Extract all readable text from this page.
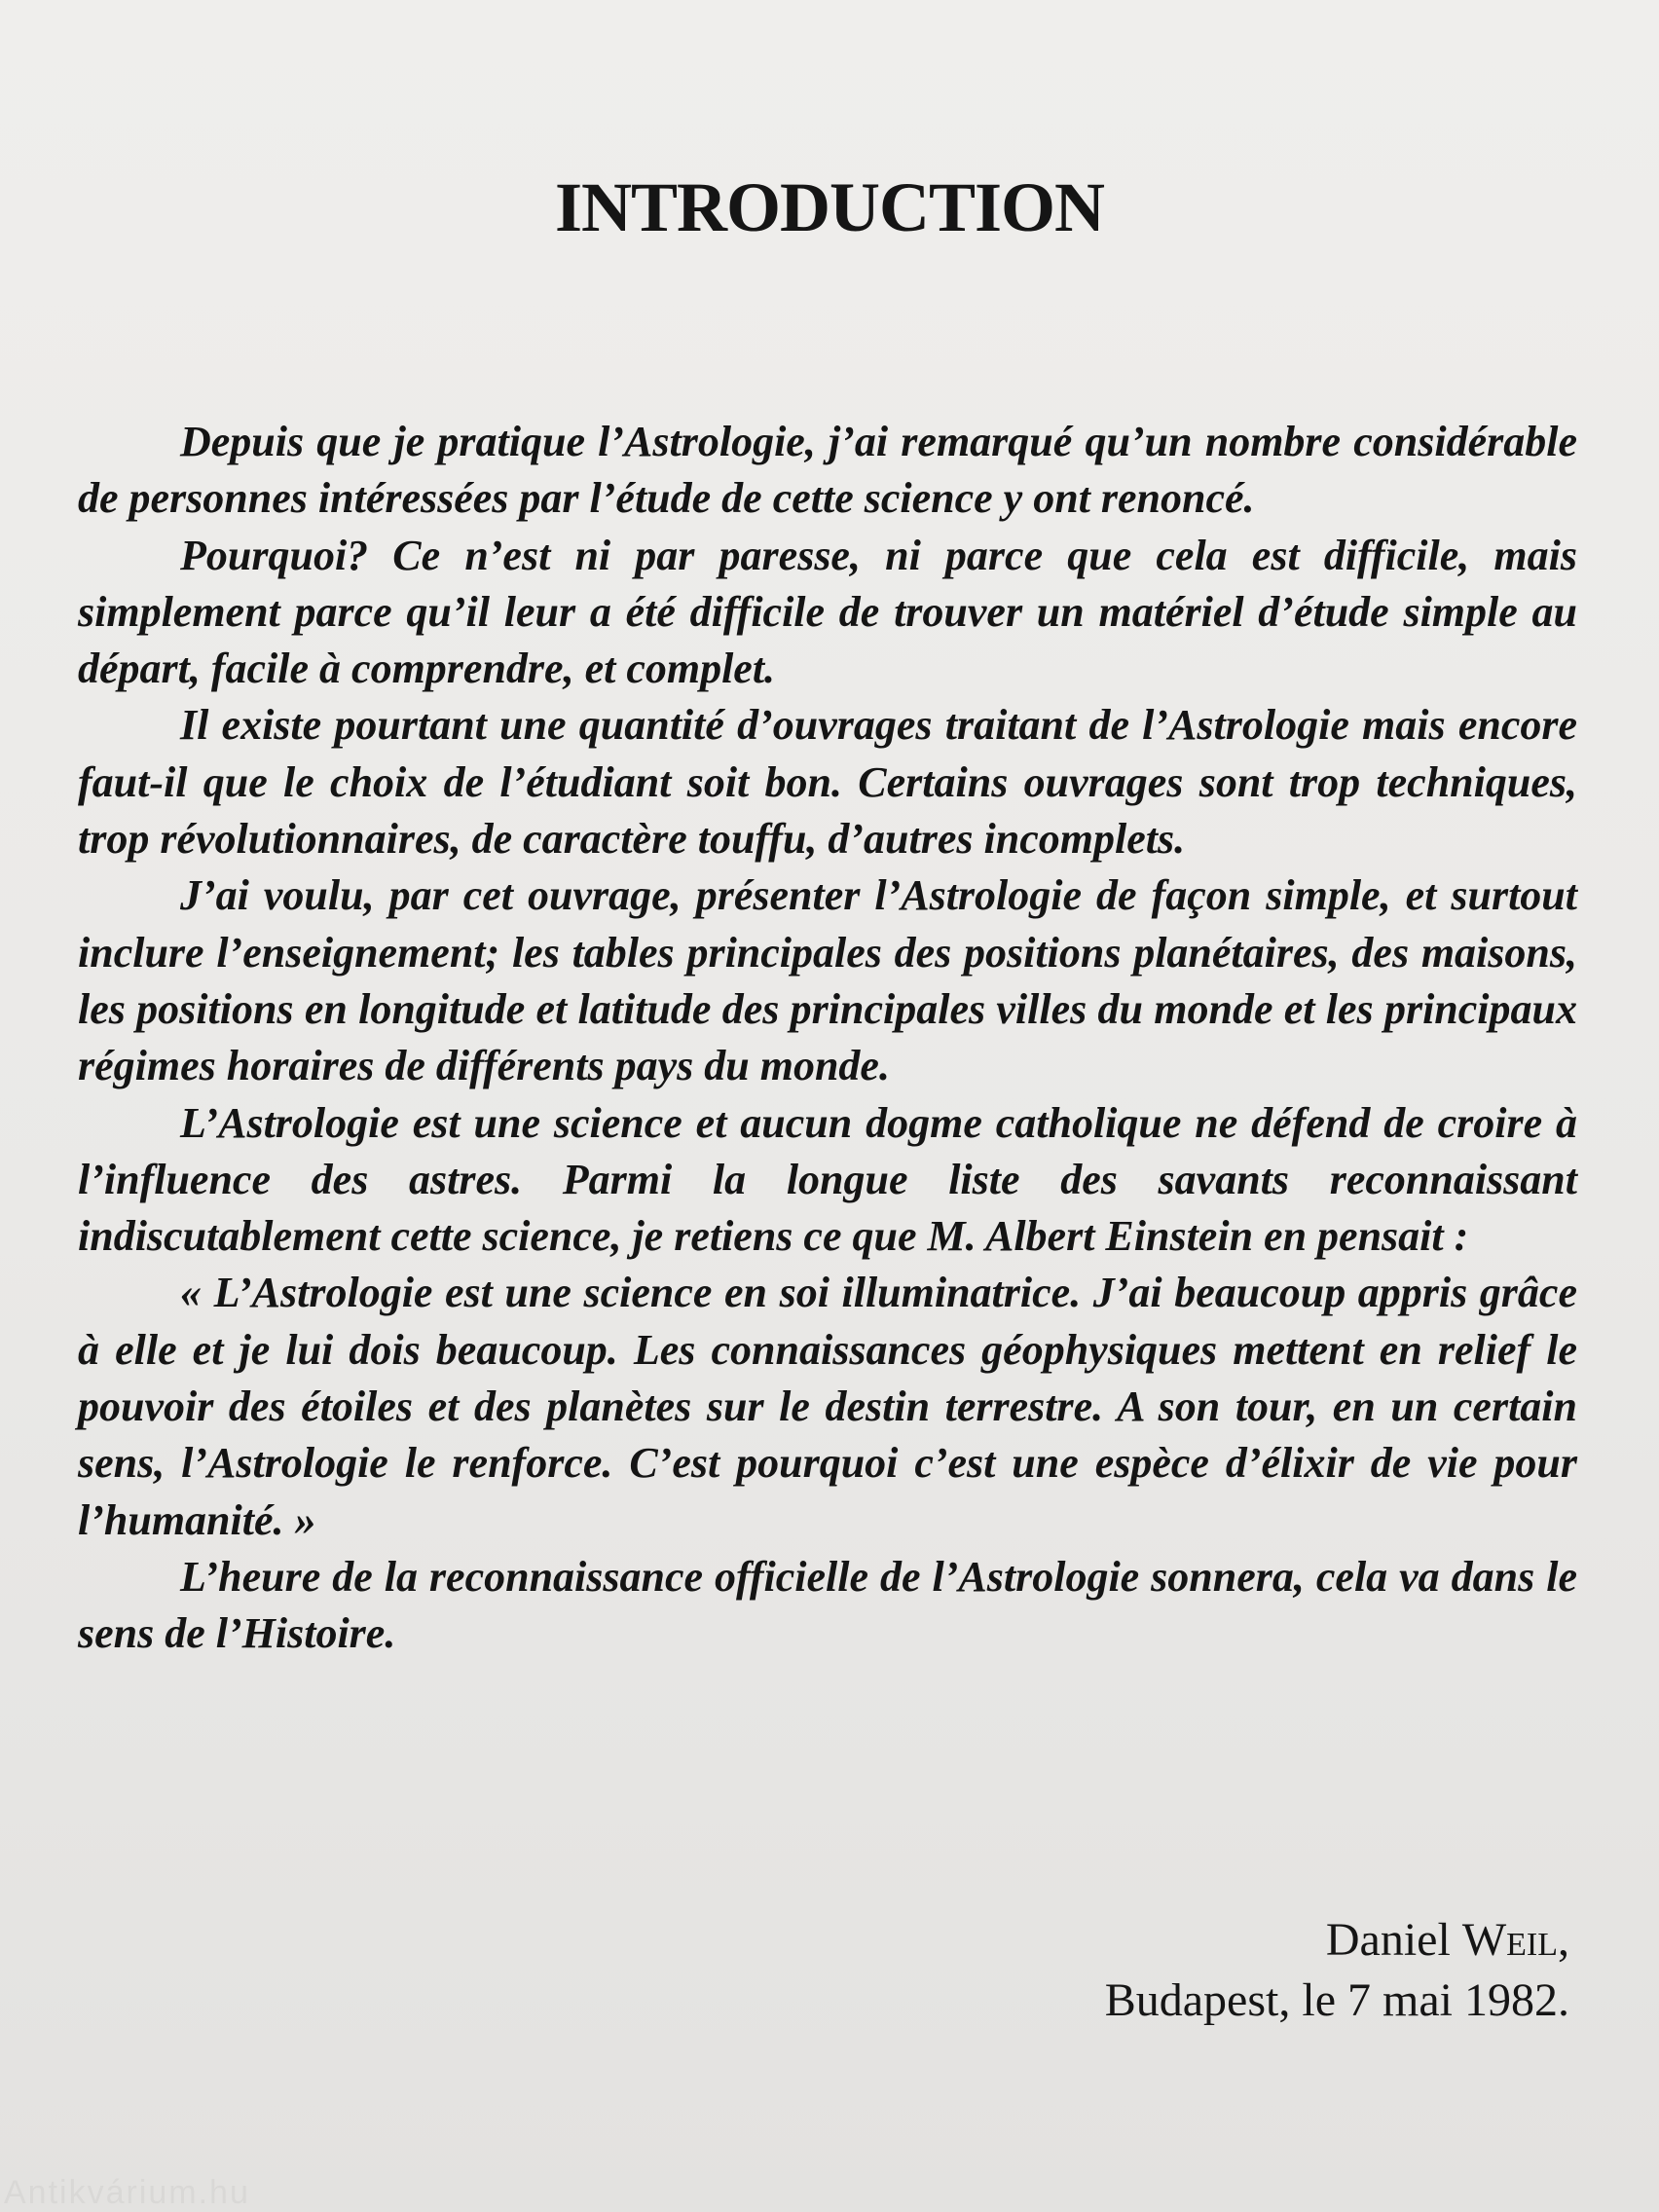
INTRODUCTION

Depuis que je pratique l’Astrologie, j’ai remarqué qu’un nombre considérable de personnes intéressées par l’étude de cette science y ont renoncé.

Pourquoi? Ce n’est ni par paresse, ni parce que cela est difficile, mais simplement parce qu’il leur a été difficile de trouver un matériel d’étude simple au départ, facile à comprendre, et complet.

Il existe pourtant une quantité d’ouvrages traitant de l’Astrologie mais encore faut-il que le choix de l’étudiant soit bon. Certains ouvrages sont trop techniques, trop révolutionnaires, de caractère touffu, d’autres incomplets.

J’ai voulu, par cet ouvrage, présenter l’Astrologie de façon simple, et surtout inclure l’enseignement; les tables principales des positions planétaires, des maisons, les positions en longitude et latitude des principales villes du monde et les principaux régimes horaires de différents pays du monde.

L’Astrologie est une science et aucun dogme catholique ne défend de croire à l’influence des astres. Parmi la longue liste des savants reconnaissant indiscutablement cette science, je retiens ce que M. Albert Einstein en pensait :

« L’Astrologie est une science en soi illuminatrice. J’ai beaucoup appris grâce à elle et je lui dois beaucoup. Les connaissances géophysiques mettent en relief le pouvoir des étoiles et des planètes sur le destin terrestre. A son tour, en un certain sens, l’Astrologie le renforce. C’est pourquoi c’est une espèce d’élixir de vie pour l’humanité. »

L’heure de la reconnaissance officielle de l’Astrologie sonnera, cela va dans le sens de l’Histoire.

Daniel Weil,
Budapest, le 7 mai 1982.
Antikvárium.hu
